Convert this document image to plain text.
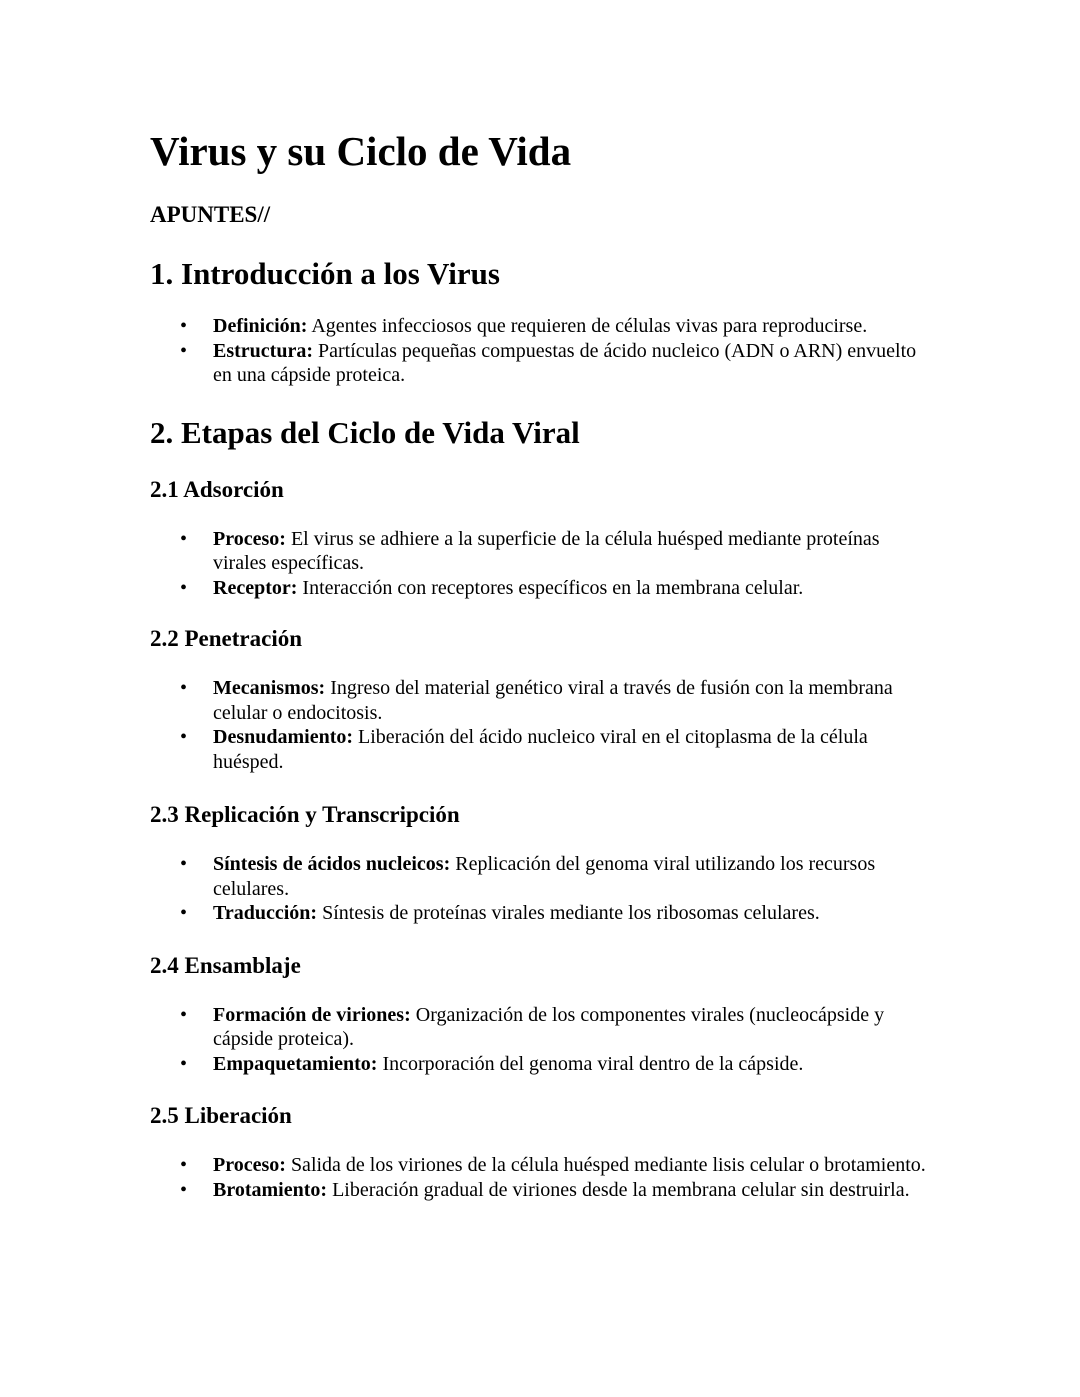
Virus y su Ciclo de Vida
APUNTES//
1. Introducción a los Virus
• Definición: Agentes infecciosos que requieren de células vivas para reproducirse.
• Estructura: Partículas pequeñas compuestas de ácido nucleico (ADN o ARN) envuelto en una cápside proteica.
2. Etapas del Ciclo de Vida Viral
2.1 Adsorción
• Proceso: El virus se adhiere a la superficie de la célula huésped mediante proteínas virales específicas.
• Receptor: Interacción con receptores específicos en la membrana celular.
2.2 Penetración
• Mecanismos: Ingreso del material genético viral a través de fusión con la membrana celular o endocitosis.
• Desnudamiento: Liberación del ácido nucleico viral en el citoplasma de la célula huésped.
2.3 Replicación y Transcripción
• Síntesis de ácidos nucleicos: Replicación del genoma viral utilizando los recursos celulares.
• Traducción: Síntesis de proteínas virales mediante los ribosomas celulares.
2.4 Ensamblaje
• Formación de viriones: Organización de los componentes virales (nucleocápside y cápside proteica).
• Empaquetamiento: Incorporación del genoma viral dentro de la cápside.
2.5 Liberación
• Proceso: Salida de los viriones de la célula huésped mediante lisis celular o brotamiento.
• Brotamiento: Liberación gradual de viriones desde la membrana celular sin destruirla.
